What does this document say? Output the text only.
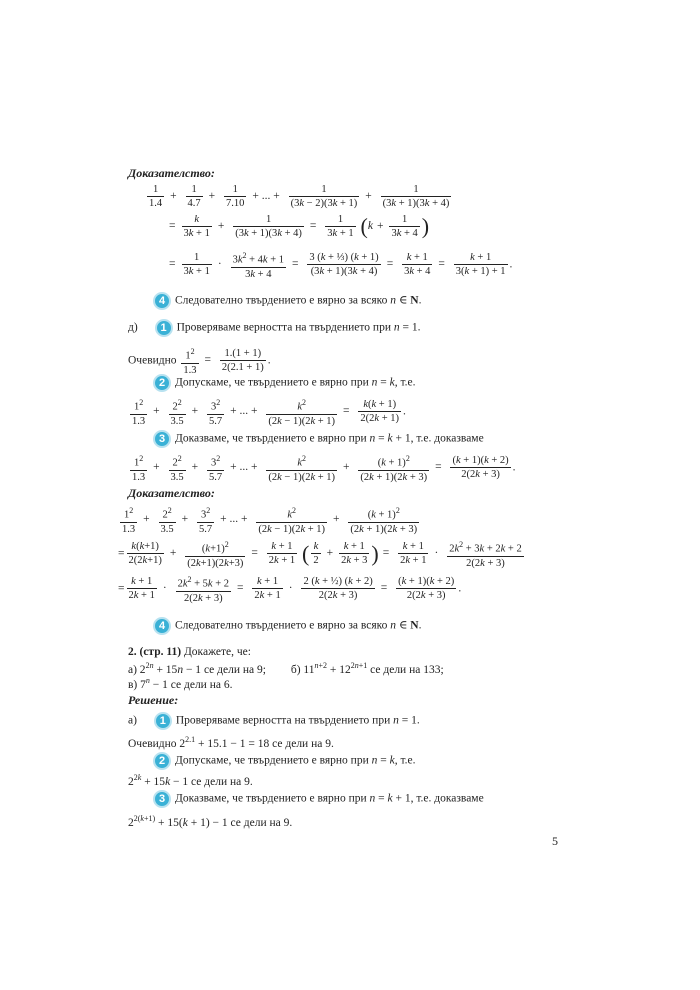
Доказателство:
$\frac{1}{1.4} + \frac{1}{4.7} + \frac{1}{7.10}$ + ... + $\frac{1}{(3k - 2)(3k + 1)} + \frac{1}{(3k + 1)(3k + 4)}$
= $\frac{k}{3k + 1} + \frac{1}{(3k + 1)(3k + 4)} = \frac{1}{3k + 1} (k + \frac{1}{3k + 4}$ )
= $\frac{1}{3k + 1} \cdot \frac{3k^2 + 4k + 1}{3k + 4} = \frac{\text{3 (k + ⅓) (k + 1)}}{(3k + 1)(3k + 4)} = \frac{k + 1}{3k + 4} = \frac{k + 1}{3(k + 1) + 1}$ .
4 Следователно твърдението е вярно за всяко n ∈ N.
д) 1 Проверяваме верността на твърдението при n = 1.
Очевидно $\frac{1^2}{1.3} = \frac{1.(1 + 1)}{2(2.1 + 1)}$ .
2 Допускаме, че твърдението е вярно при n = k, т.е.
$\frac{1^2}{1.3} + \frac{2^2}{3.5} + \frac{3^2}{5.7}$ + ... + $\frac{k^2}{(2k - 1)(2k + 1)} = \frac{k(k + 1)}{2(2k + 1)}$ .
3 Доказваме, че твърдението е вярно при n = k + 1, т.е. доказваме
$\frac{1^2}{1.3} + \frac{2^2}{3.5} + \frac{3^2}{5.7}$ + ... + $\frac{k^2}{(2k - 1)(2k + 1)} + \frac{(k + 1)^2}{(2k + 1)(2k + 3)} = \frac{(k + 1)(k + 2)}{2(2k + 3)}$ .
Доказателство:
$\frac{1^2}{1.3} + \frac{2^2}{3.5} + \frac{3^2}{5.7}$ + ... + $\frac{k^2}{(2k - 1)(2k + 1)} + \frac{(k + 1)^2}{(2k + 1)(2k + 3)}$
= $\frac{k(k+1)}{2(2k+1)} + \frac{(k+1)^2}{(2k+1)(2k+3)} = \frac{k + 1}{2k + 1}$ ( $\frac{k}{2} + \frac{k + 1}{2k + 3}$ ) = $\frac{k + 1}{2k + 1} \cdot \frac{2k^2 + 3k + 2k + 2}{2(2k + 3)}$
= $\frac{k + 1}{2k + 1} \cdot \frac{2k^2 + 5k + 2}{2(2k + 3)} = \frac{k + 1}{2k + 1} \cdot \frac{\text{2 (k + ½) (k + 2)}}{2(2k + 3)} = \frac{(k + 1)(k + 2)}{2(2k + 3)}$ .
4 Следователно твърдението е вярно за всяко n ∈ N.
2. (стр. 11) Докажете, че:
а) $2^{2n} + 15n - 1$ се дели на 9; б) $11^{n+2} + 12^{2n+1}$ се дели на 133;
в) $7^n - 1$ се дели на 6.
Решение:
а) 1 Проверяваме верността на твърдението при n = 1.
Очевидно $2^{2.1} + 15.1 - 1 = 18$ се дели на 9.
2 Допускаме, че твърдението е вярно при n = k, т.е.
$2^{2k} + 15k - 1$ се дели на 9.
3 Доказваме, че твърдението е вярно при n = k + 1, т.е. доказваме
$2^{2(k+1)} + 15(k + 1) - 1$ се дели на 9.
5
